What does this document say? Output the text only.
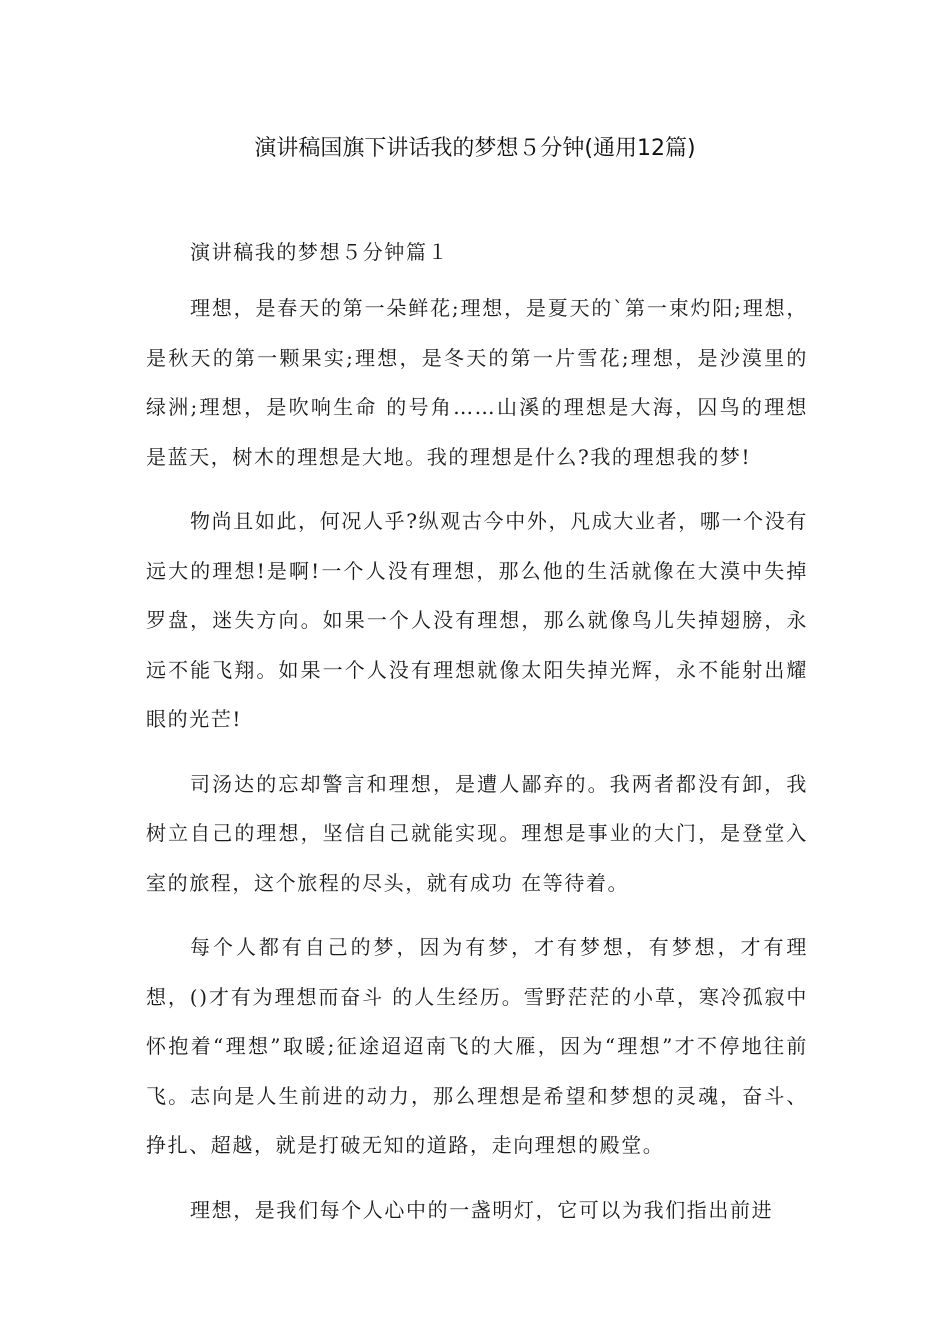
演讲稿国旗下讲话我的梦想５分钟(通用12篇)
演讲稿我的梦想５分钟篇１

理想，是春天的第一朵鲜花;理想，是夏天的`第一束灼阳;理想，是秋天的第一颗果实;理想，是冬天的第一片雪花;理想，是沙漠里的绿洲;理想，是吹响生命 的号角……山溪的理想是大海，囚鸟的理想是蓝天，树木的理想是大地。我的理想是什么?我的理想我的梦!

物尚且如此，何况人乎?纵观古今中外，凡成大业者，哪一个没有远大的理想!是啊!一个人没有理想，那么他的生活就像在大漠中失掉罗盘，迷失方向。如果一个人没有理想，那么就像鸟儿失掉翅膀，永远不能飞翔。如果一个人没有理想就像太阳失掉光辉，永不能射出耀眼的光芒!

司汤达的忘却警言和理想，是遭人鄙弃的。我两者都没有卸，我树立自己的理想，坚信自己就能实现。理想是事业的大门，是登堂入室的旅程，这个旅程的尽头，就有成功 在等待着。

每个人都有自己的梦，因为有梦，才有梦想，有梦想，才有理想，()才有为理想而奋斗 的人生经历。雪野茫茫的小草，寒冷孤寂中怀抱着“理想”取暖;征途迢迢南飞的大雁，因为“理想”才不停地往前飞。志向是人生前进的动力，那么理想是希望和梦想的灵魂，奋斗、挣扎、超越，就是打破无知的道路，走向理想的殿堂。

理想，是我们每个人心中的一盏明灯，它可以为我们指出前进
